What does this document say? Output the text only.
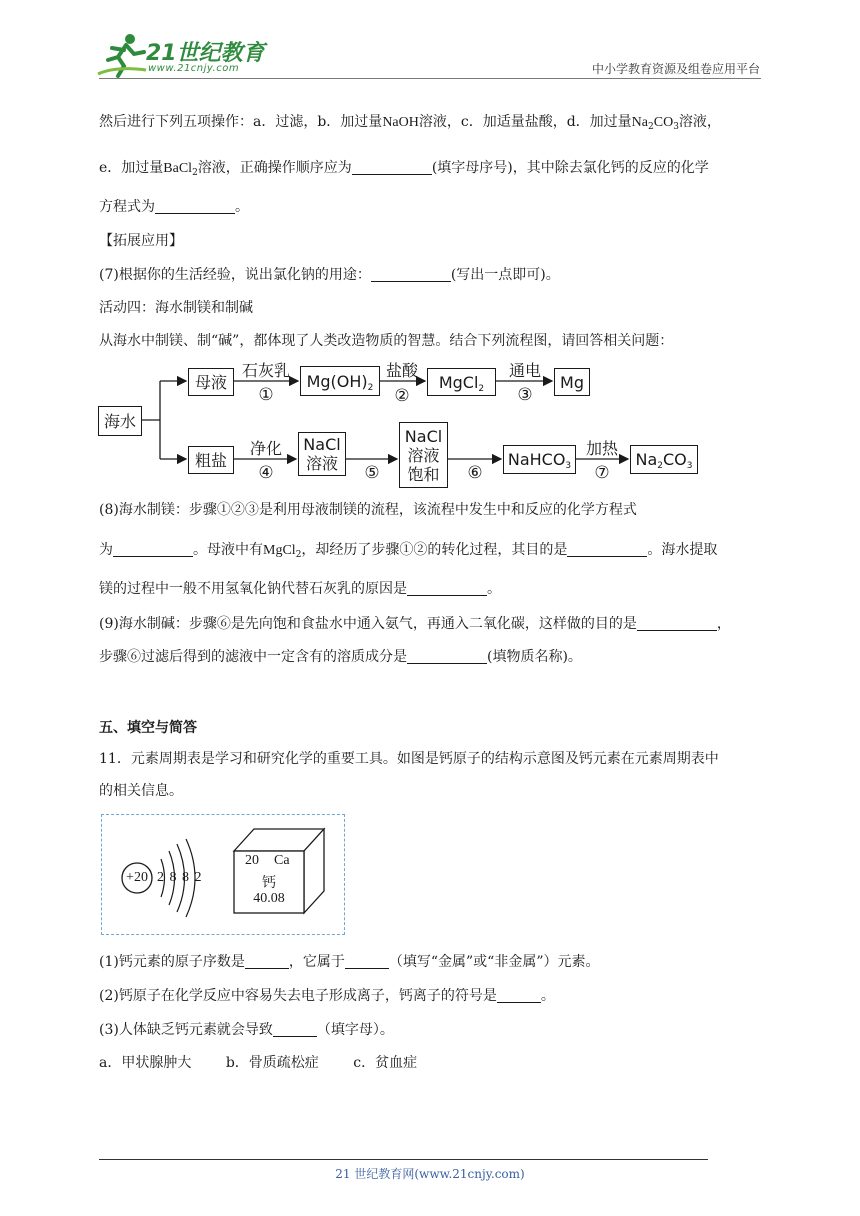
21世纪教育
www.21cnjy.com	中小学教育资源及组卷应用平台
然后进行下列五项操作：a．过滤，b．加过量NaOH溶液，c．加适量盐酸，d．加过量$Na_2CO_3$溶液，
e．加过量BaCl$_2$溶液，正确操作顺序应为	(填字母序号)，其中除去氯化钙的反应的化学
方程式为	。
【拓展应用】
(7)根据你的生活经验，说出氯化钠的用途：	(写出一点即可)。
活动四：海水制镁和制碱
从海水中制镁、制“碱”，都体现了人类改造物质的智慧。结合下列流程图，请回答相关问题：
海水
母液	$Mg(OH)_2$	MgCl$_2$	Mg
粗盐
NaCl
溶液
NaCl
溶液
饱和
NaHCO$_3$	$Na_2CO_3$
石灰乳
①
盐酸
②
通电
③
净化
④	⑤	⑥
加热
⑦
(8)海水制镁：步骤①②③是利用母液制镁的流程，该流程中发生中和反应的化学方程式
为	。母液中有MgCl$_2$，却经历了步骤①②的转化过程，其目的是	。海水提取
镁的过程中一般不用氢氧化钠代替石灰乳的原因是	。
(9)海水制碱：步骤⑥是先向饱和食盐水中通入氨气，再通入二氧化碳，这样做的目的是	，
步骤⑥过滤后得到的滤液中一定含有的溶质成分是	(填物质名称)。
五、填空与简答
11．元素周期表是学习和研究化学的重要工具。如图是钙原子的结构示意图及钙元素在元素周期表中
的相关信息。
+20 2 8 8 2
20 Ca
钙
40.08
(1)钙元素的原子序数是	，它属于	（填写“金属”或“非金属”）元素。
(2)钙原子在化学反应中容易失去电子形成离子，钙离子的符号是	。
(3)人体缺乏钙元素就会导致	（填字母）。
a．甲状腺肿大 b．骨质疏松症 c．贫血症
21 世纪教育网(www.21cnjy.com)
